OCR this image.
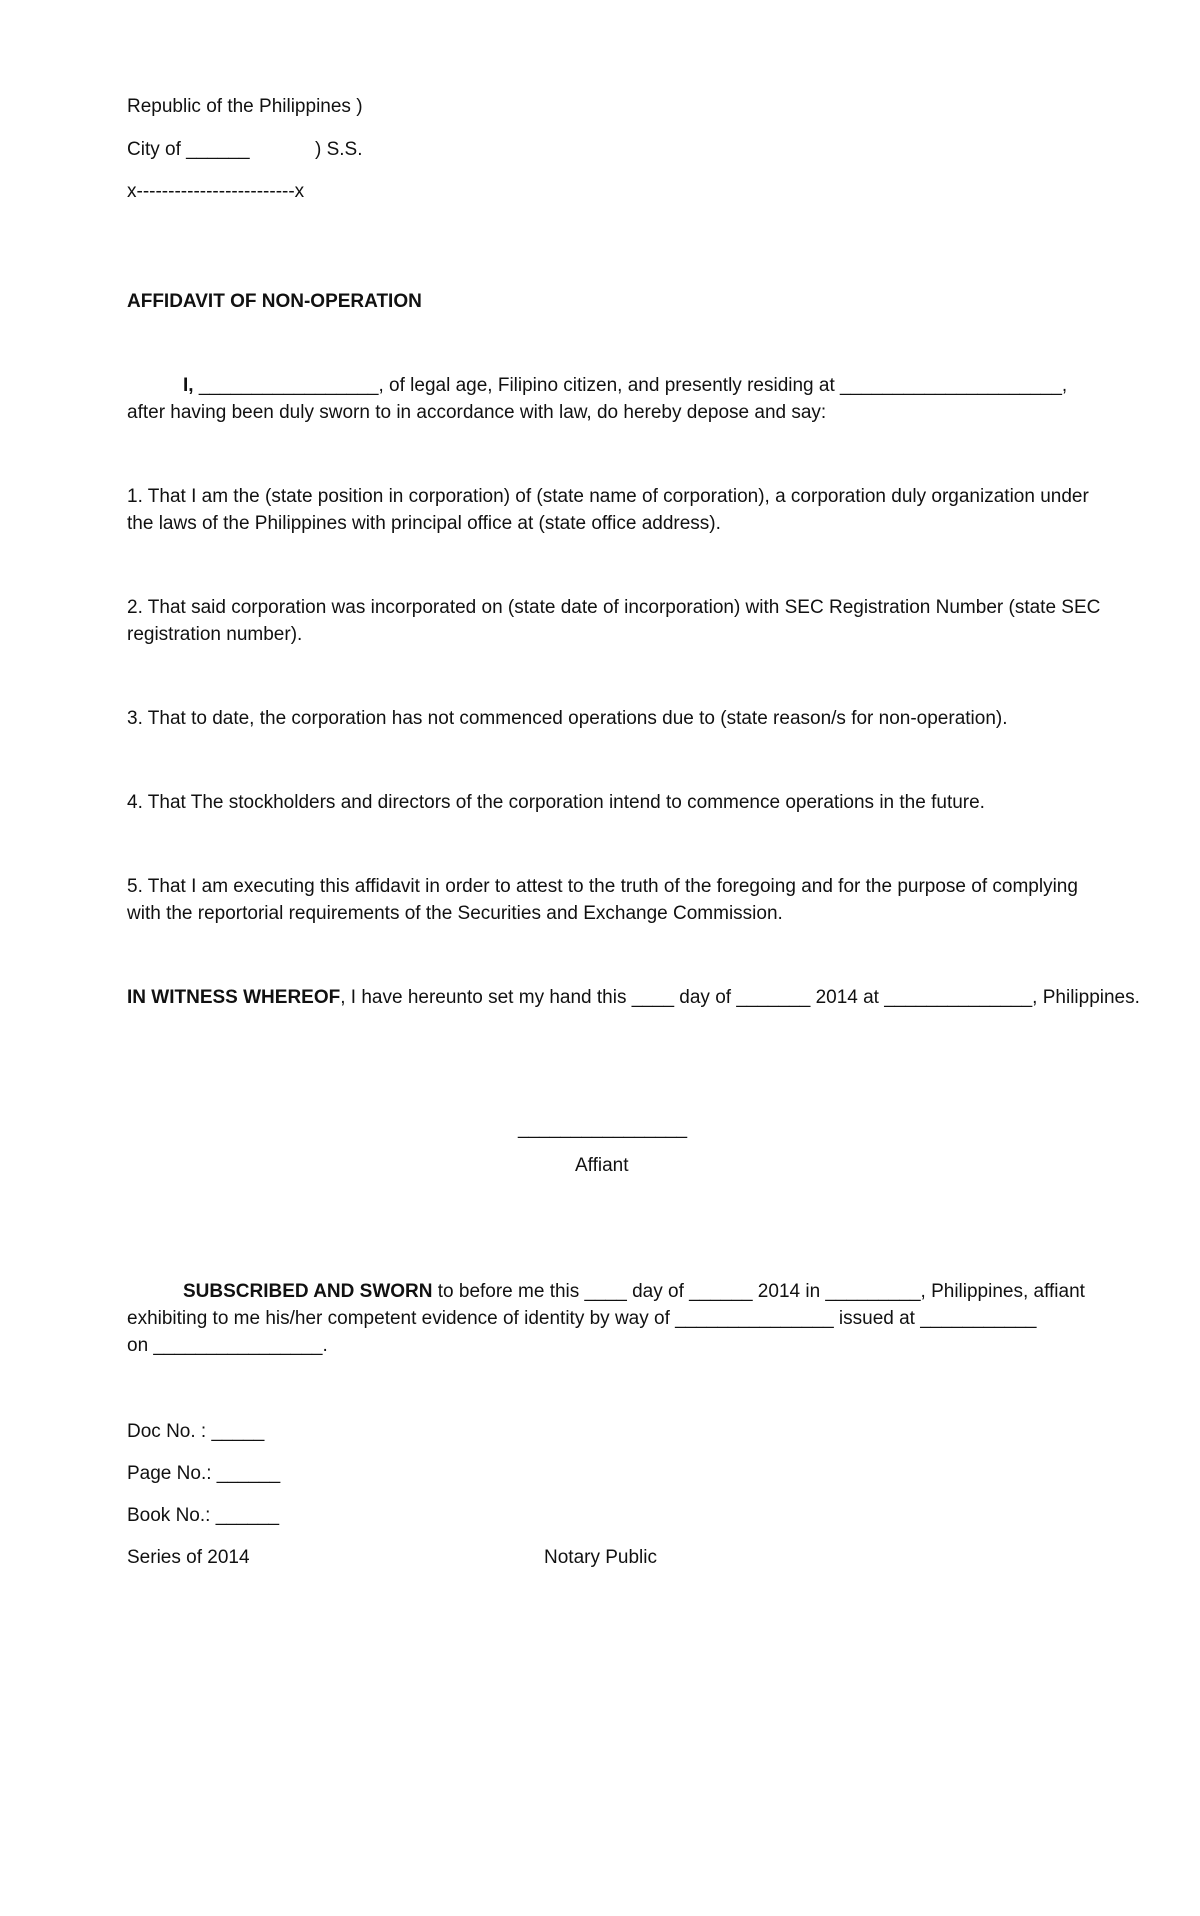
Republic of the Philippines )
City of ______	) S.S.
x-------------------------x
AFFIDAVIT OF NON-OPERATION
I, _________________, of legal age, Filipino citizen, and presently residing at _____________________, after having been duly sworn to in accordance with law, do hereby depose and say:
1. That I am the (state position in corporation) of (state name of corporation), a corporation duly organization under the laws of the Philippines with principal office at (state office address).
2. That said corporation was incorporated on (state date of incorporation) with SEC Registration Number (state SEC registration number).
3. That to date, the corporation has not commenced operations due to (state reason/s for non-operation).
4. That The stockholders and directors of the corporation intend to commence operations in the future.
5. That I am executing this affidavit in order to attest to the truth of the foregoing and for the purpose of complying with the reportorial requirements of the Securities and Exchange Commission.
IN WITNESS WHEREOF, I have hereunto set my hand this ____ day of _______ 2014 at ______________, Philippines.
________________
Affiant
SUBSCRIBED AND SWORN to before me this ____ day of ______ 2014 in _________, Philippines, affiant
exhibiting to me his/her competent evidence of identity by way of _______________ issued at ___________
on ________________.
Doc No. : _____
Page No.: ______
Book No.: ______
Series of 2014	Notary Public
